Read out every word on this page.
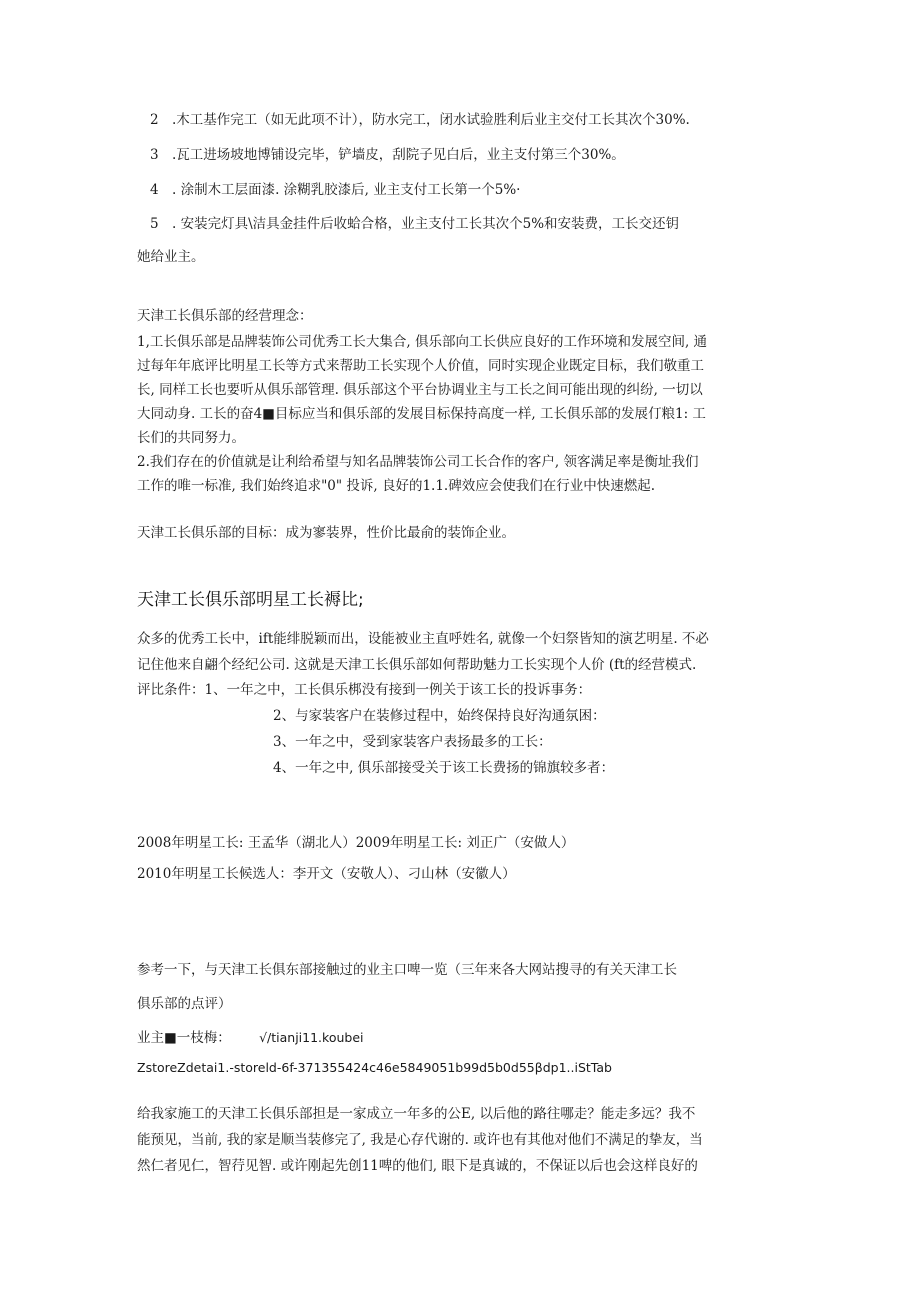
2 .木工基作完工（如无此项不计），防水完工，闭水试验胜利后业主交付工长其次个30%.
3 .瓦工进场坡地博铺设完毕，铲墙皮，刮院子见白后，业主支付第三个30%。
4 . 涂制木工层面漆. 涂糊乳胶漆后, 业主支付工长第一个5%·
5 . 安装完灯具\洁具金挂件后收蛤合格，业主支付工长其次个5%和安装费，工长交还钥
她给业主。
天津工长俱乐部的经营理念：
1,工长俱乐部是品牌装饰公司优秀工长大集合, 俱乐部向工长供应良好的工作环境和发展空间, 通
过每年年底评比明星工长等方式来帮助工长实现个人价值，同时实现企业既定目标，我们敬重工
长, 同样工长也要听从俱乐部管理. 俱乐部这个平台协调业主与工长之间可能出现的纠纷, 一切以
大同动身. 工长的奋4■目标应当和俱乐部的发展目标保持高度一样, 工长俱乐部的发展仃粮1: 工
长们的共同努力。
2.我们存在的价值就是让利给希望与知名品牌装饰公司工长合作的客户, 领客满足率是衡址我们
工作的唯一标准, 我们始终追求"0" 投诉, 良好的1.1.碑效应会使我们在行业中快速燃起.
天津工长俱乐部的目标：成为寥装界，性价比最俞的装饰企业。
天津工长俱乐部明星工长褥比;
众多的优秀工长中，ift能绯脱颖而出，设能被业主直呼姓名, 就像一个妇祭皆知的演艺明星. 不必
记住他来自翩个经纪公司. 这就是天津工长俱乐部如何帮助魅力工长实现个人价 (ft的经营模式.
评比条件：1、一年之中，工长俱乐梆没有接到一例关于该工长的投诉事务：
2、与家装客户在装修过程中，始终保持良好沟通氛困：
3、一年之中，受到家装客户表扬最多的工长：
4、一年之中, 俱乐部接受关于该工长费扬的锦旗较多者：
2008年明星工长: 王孟华（湖北人）2009年明星工长: 刘正广（安做人）
2010年明星工长候选人：李开文（安敬人）、刁山林（安徽人）
参考一下，与天津工长俱东部接触过的业主口啤一览（三年来各大网站搜寻的有关天津工长
俱乐部的点评）
业主■一枝梅： √/tianji11.koubei
ZstoreZdetai1.-storeld-6f-371355424c46e5849051b99d5b0d55βdp1..iStTab
给我家施工的天津工长俱乐部担是一家成立一年多的公E, 以后他的路往哪走？能走多远？我不
能预见，当前, 我的家是顺当装修完了, 我是心存代谢的. 或许也有其他对他们不满足的挚友，当
然仁者见仁，智荇见智. 或许刚起先创11啤的他们, 眼下是真诚的，不保证以后也会这样良好的
